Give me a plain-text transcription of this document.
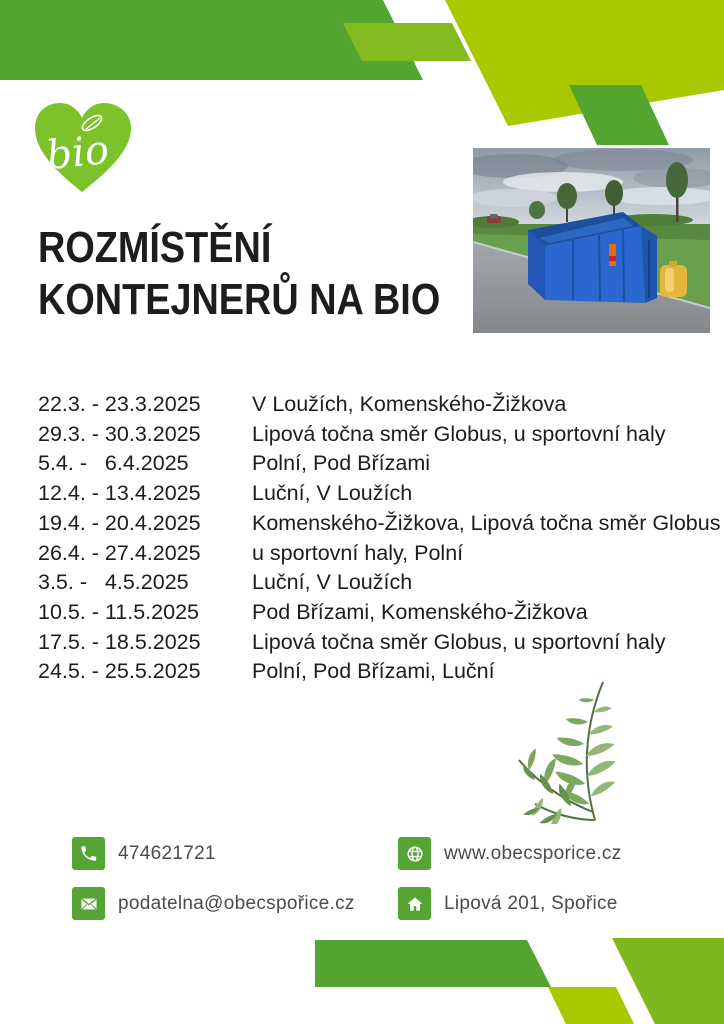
bio
ROZMÍSTĚNÍ
KONTEJNERŮ NA BIO
22.3. - 23.3.2025	V Loužích, Komenského-Žižkova
29.3. - 30.3.2025	Lipová točna směr Globus, u sportovní haly
5.4. -   6.4.2025	Polní, Pod Břízami
12.4. - 13.4.2025	Luční, V Loužích
19.4. - 20.4.2025	Komenského-Žižkova, Lipová točna směr Globus
26.4. - 27.4.2025	u sportovní haly, Polní
3.5. -   4.5.2025	Luční, V Loužích
10.5. - 11.5.2025	Pod Břízami, Komenského-Žižkova
17.5. - 18.5.2025	Lipová točna směr Globus, u sportovní haly
24.5. - 25.5.2025	Polní, Pod Břízami, Luční
474621721	www.obecsporice.cz
podatelna@obecspořice.cz	Lipová 201, Spořice
